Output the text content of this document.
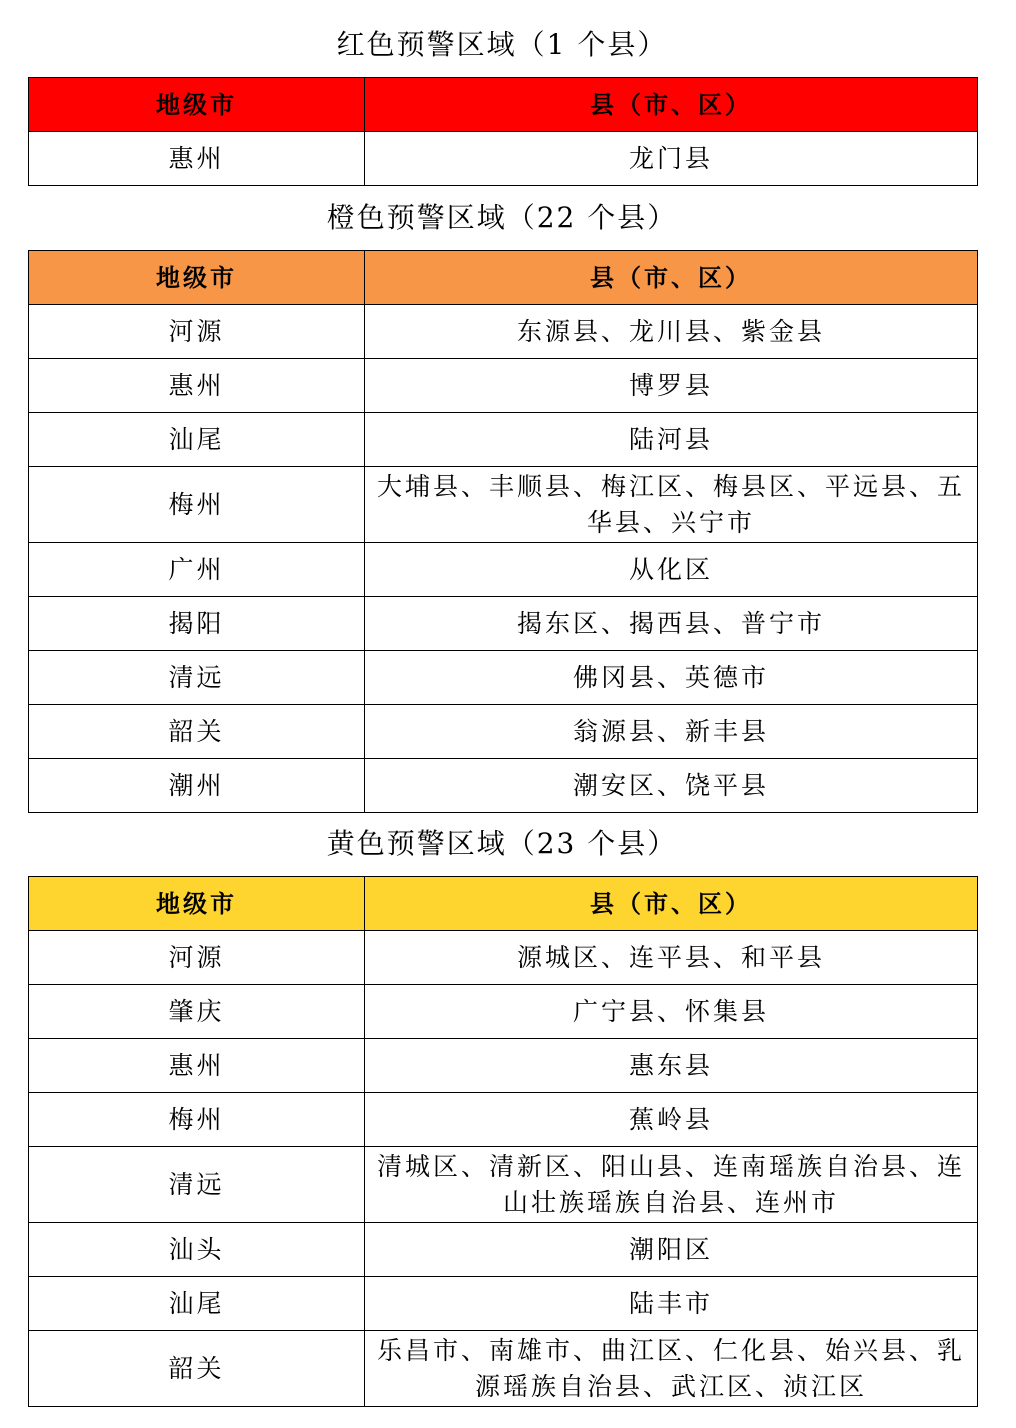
红色预警区域（1 个县）
地级市	县（市、区）
惠州	龙门县
橙色预警区域（22 个县）
地级市	县（市、区）
河源	东源县、龙川县、紫金县
惠州	博罗县
汕尾	陆河县
梅州	大埔县、丰顺县、梅江区、梅县区、平远县、五华县、兴宁市
广州	从化区
揭阳	揭东区、揭西县、普宁市
清远	佛冈县、英德市
韶关	翁源县、新丰县
潮州	潮安区、饶平县
黄色预警区域（23 个县）
地级市	县（市、区）
河源	源城区、连平县、和平县
肇庆	广宁县、怀集县
惠州	惠东县
梅州	蕉岭县
清远	清城区、清新区、阳山县、连南瑶族自治县、连山壮族瑶族自治县、连州市
汕头	潮阳区
汕尾	陆丰市
韶关	乐昌市、南雄市、曲江区、仁化县、始兴县、乳源瑶族自治县、武江区、浈江区
